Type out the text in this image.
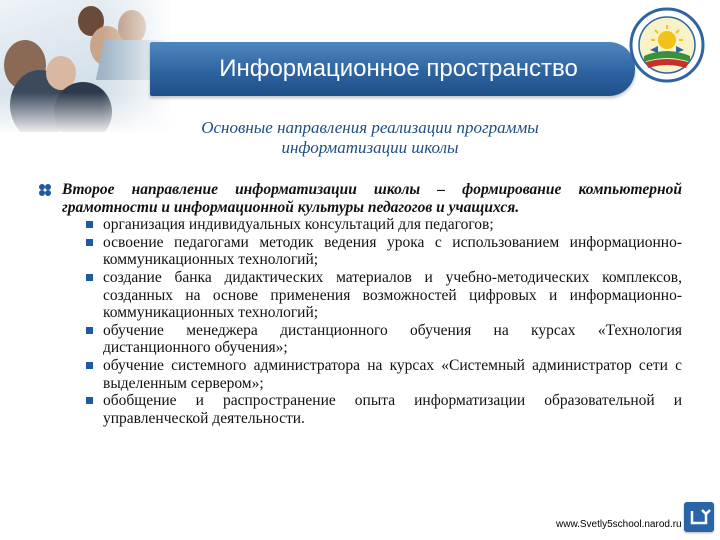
Информационное пространство
Основные направления реализации программы информатизации школы
Второе направление информатизации школы – формирование компьютерной грамотности и информационной культуры педагогов и учащихся.
организация индивидуальных консультаций для педагогов;
освоение педагогами методик ведения урока с использованием информационно-коммуникационных технологий;
создание банка дидактических материалов и учебно-методических комплексов, созданных на основе применения возможностей цифровых и информационно-коммуникационных технологий;
обучение менеджера дистанционного обучения на курсах «Технология дистанционного обучения»;
обучение системного администратора на курсах «Системный администратор сети с выделенным сервером»;
обобщение и распространение опыта информатизации образовательной и управленческой деятельности.
www.Svetly5school.narod.ru
